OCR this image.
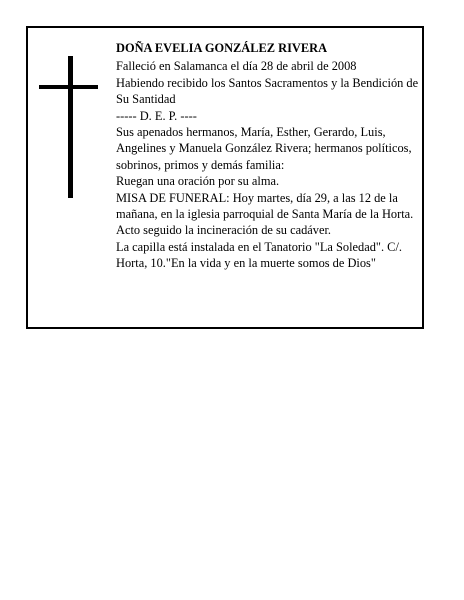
DOÑA EVELIA GONZÁLEZ RIVERA

Falleció en Salamanca el día 28 de abril de 2008

Habiendo recibido los Santos Sacramentos y la Bendición de Su Santidad

----- D. E. P. ----

Sus apenados hermanos, María, Esther, Gerardo, Luis, Angelines y Manuela González Rivera; hermanos políticos, sobrinos, primos y demás familia:

Ruegan una oración por su alma.

MISA DE FUNERAL: Hoy martes, día 29, a las 12 de la mañana, en la iglesia parroquial de Santa María de la Horta. Acto seguido la incineración de su cadáver.

La capilla está instalada en el Tanatorio "La Soledad". C/. Horta, 10."En la vida y en la muerte somos de Dios"
